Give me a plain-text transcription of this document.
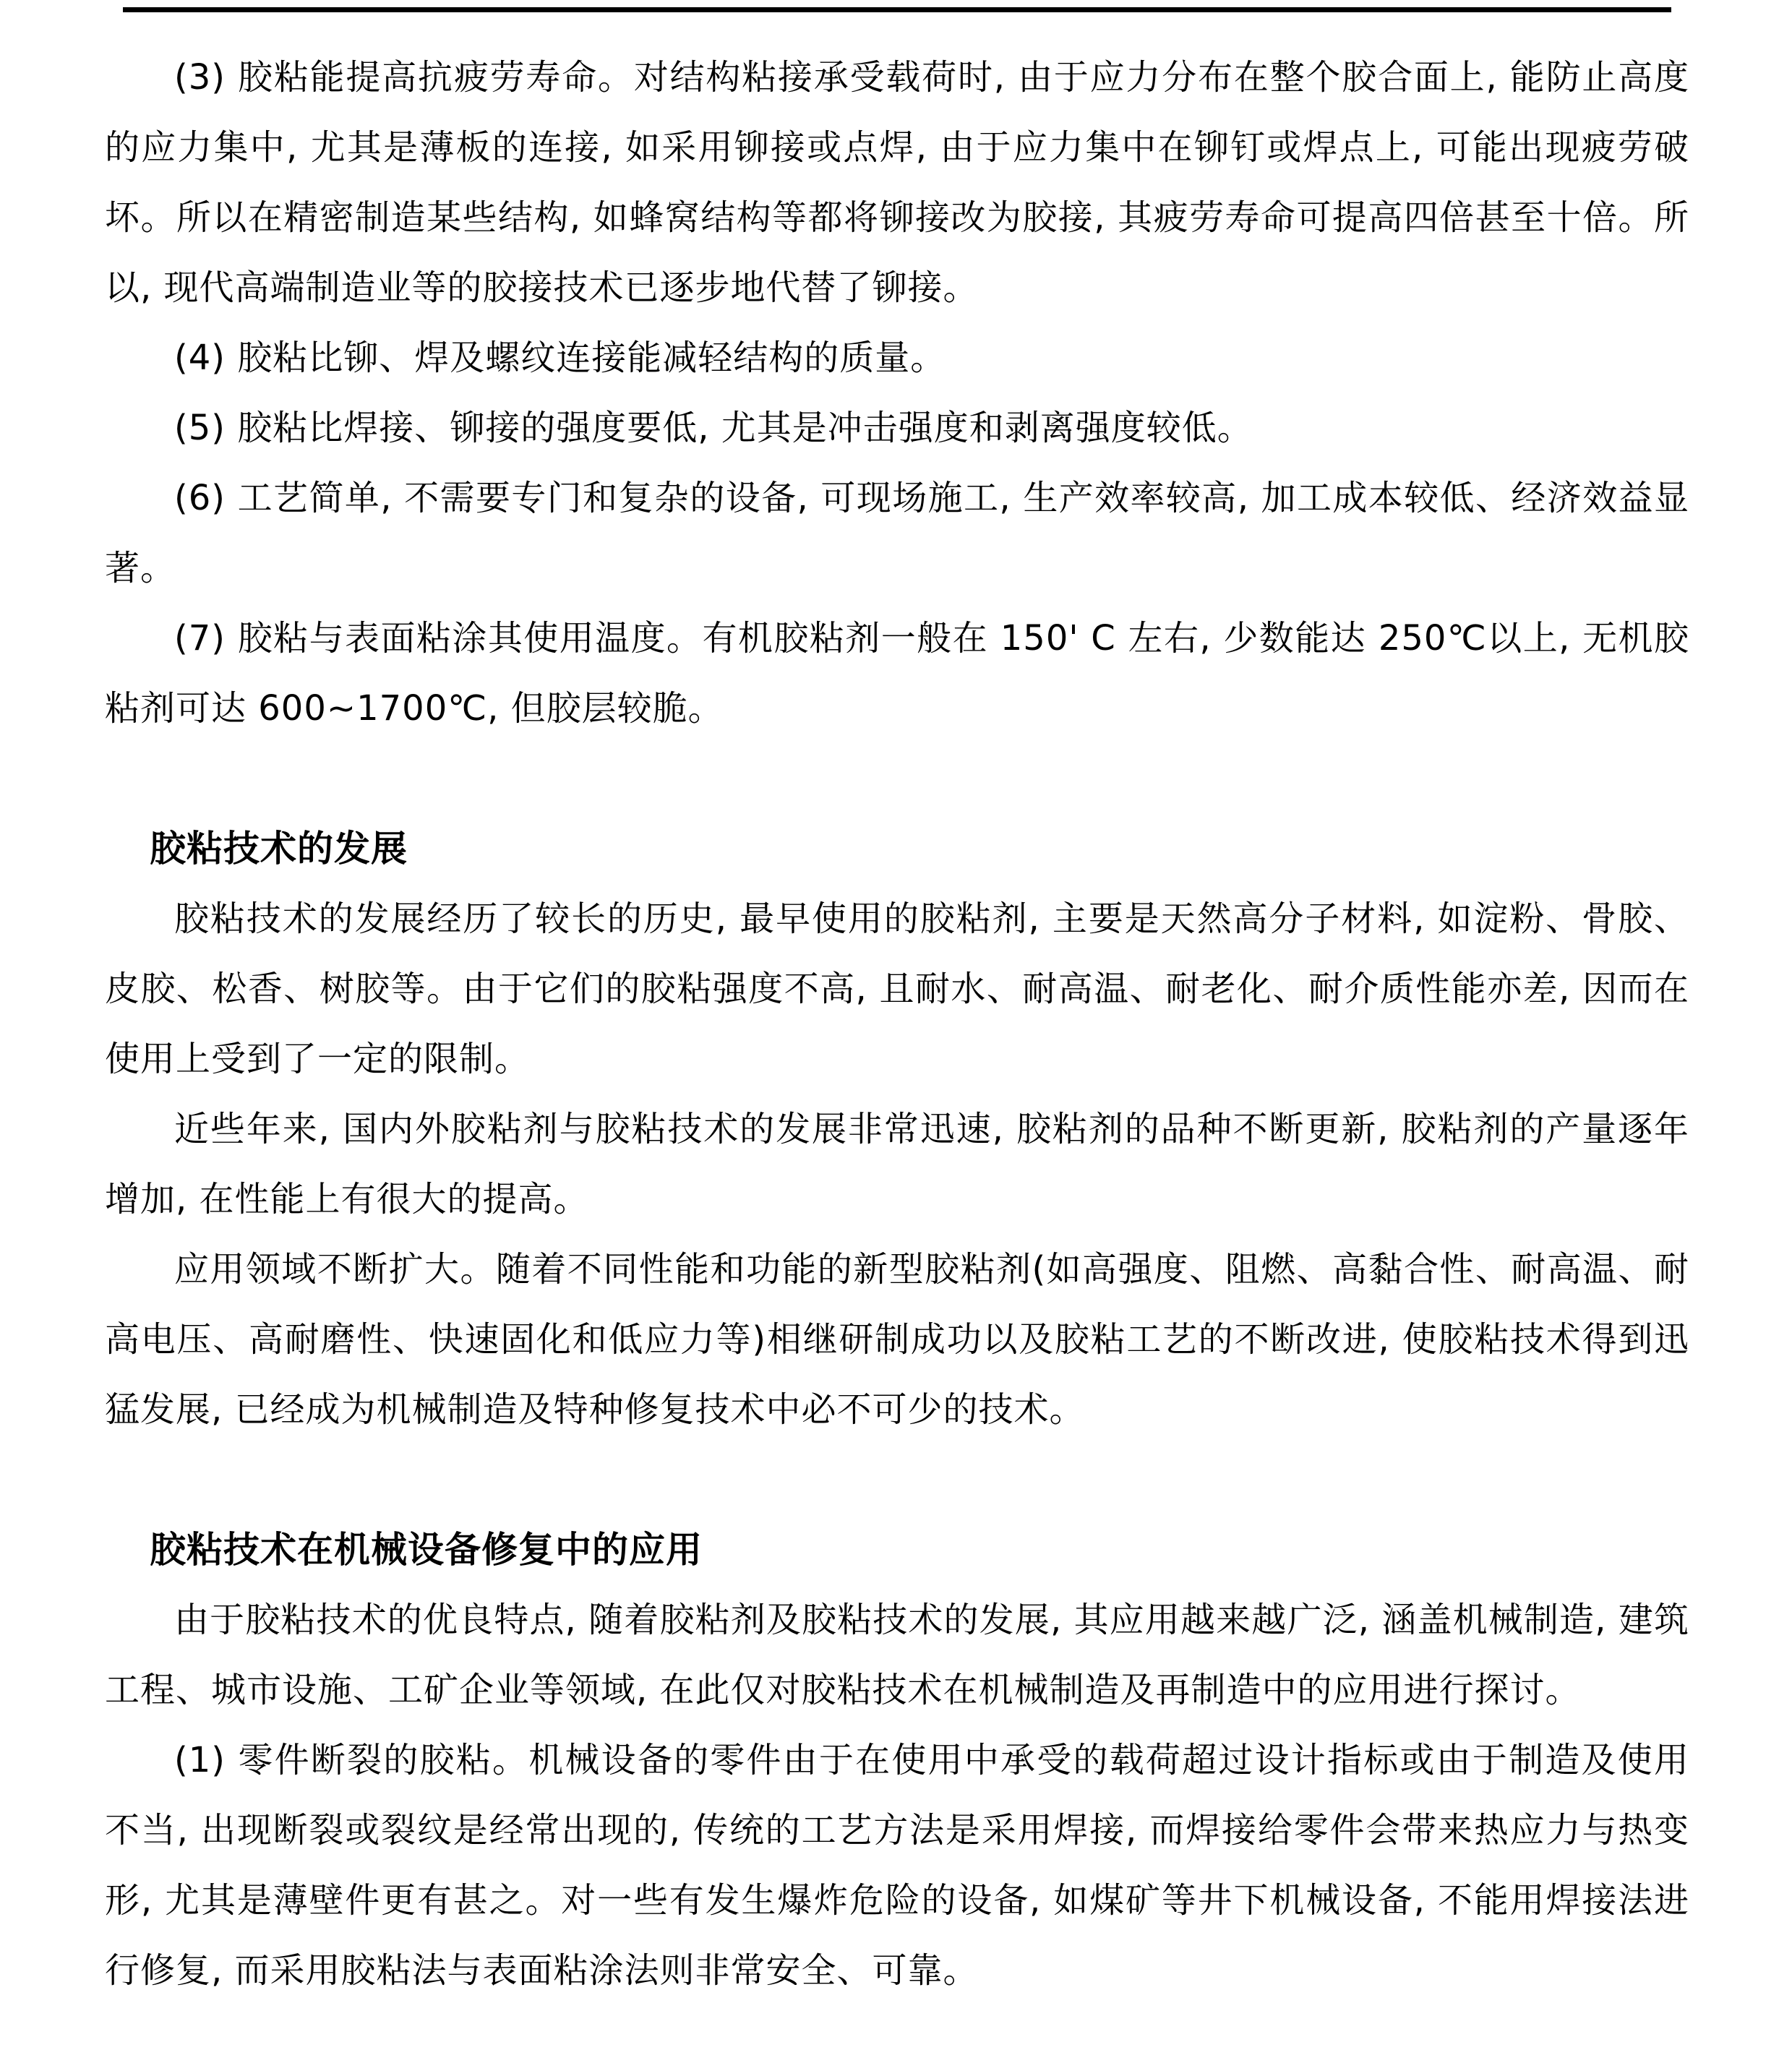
(3) 胶粘能提高抗疲劳寿命。对结构粘接承受载荷时, 由于应力分布在整个胶合面上, 能防止高度的应力集中, 尤其是薄板的连接, 如采用铆接或点焊, 由于应力集中在铆钉或焊点上, 可能出现疲劳破坏。所以在精密制造某些结构, 如蜂窝结构等都将铆接改为胶接, 其疲劳寿命可提高四倍甚至十倍。所以, 现代高端制造业等的胶接技术已逐步地代替了铆接。

(4) 胶粘比铆、焊及螺纹连接能减轻结构的质量。

(5) 胶粘比焊接、铆接的强度要低, 尤其是冲击强度和剥离强度较低。

(6) 工艺简单, 不需要专门和复杂的设备, 可现场施工, 生产效率较高, 加工成本较低、经济效益显著。

(7) 胶粘与表面粘涂其使用温度。有机胶粘剂一般在 150' C 左右, 少数能达 250℃以上, 无机胶粘剂可达 600~1700℃, 但胶层较脆。

胶粘技术的发展

胶粘技术的发展经历了较长的历史, 最早使用的胶粘剂, 主要是天然高分子材料, 如淀粉、骨胶、皮胶、松香、树胶等。由于它们的胶粘强度不高, 且耐水、耐高温、耐老化、耐介质性能亦差, 因而在使用上受到了一定的限制。

近些年来, 国内外胶粘剂与胶粘技术的发展非常迅速, 胶粘剂的品种不断更新, 胶粘剂的产量逐年增加, 在性能上有很大的提高。

应用领域不断扩大。随着不同性能和功能的新型胶粘剂(如高强度、阻燃、高黏合性、耐高温、耐高电压、高耐磨性、快速固化和低应力等)相继研制成功以及胶粘工艺的不断改进, 使胶粘技术得到迅猛发展, 已经成为机械制造及特种修复技术中必不可少的技术。

胶粘技术在机械设备修复中的应用

由于胶粘技术的优良特点, 随着胶粘剂及胶粘技术的发展, 其应用越来越广泛, 涵盖机械制造, 建筑工程、城市设施、工矿企业等领域, 在此仅对胶粘技术在机械制造及再制造中的应用进行探讨。

(1) 零件断裂的胶粘。机械设备的零件由于在使用中承受的载荷超过设计指标或由于制造及使用不当, 出现断裂或裂纹是经常出现的, 传统的工艺方法是采用焊接, 而焊接给零件会带来热应力与热变形, 尤其是薄壁件更有甚之。对一些有发生爆炸危险的设备, 如煤矿等井下机械设备, 不能用焊接法进行修复, 而采用胶粘法与表面粘涂法则非常安全、可靠。
